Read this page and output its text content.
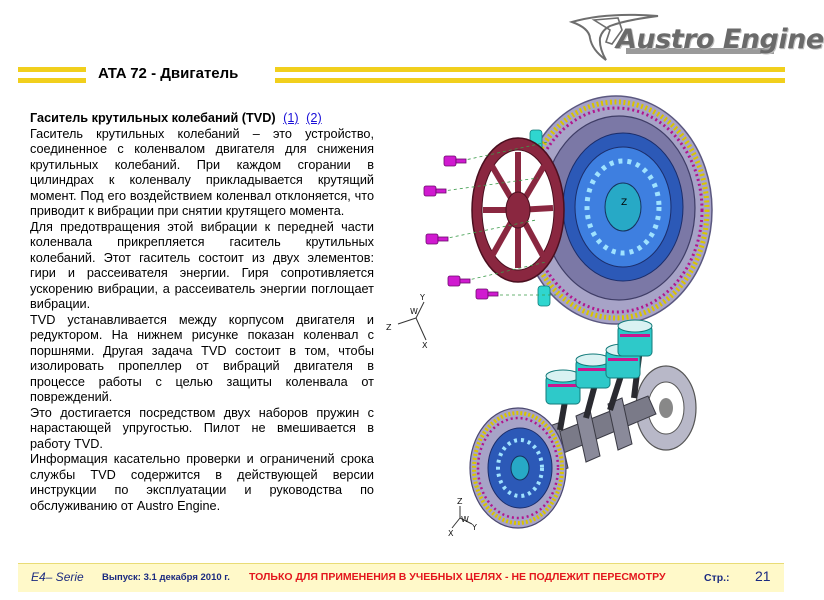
Austro Engine
ATA 72 - Двигатель
Гаситель крутильных колебаний (TVD) (1) (2)
Гаситель крутильных колебаний – это устройство, соединенное с коленвалом двигателя для снижения крутильных колебаний. При каждом сгорании в цилиндрах к коленвалу прикладывается крутящий момент. Под его воздействием коленвал отклоняется, что приводит к вибрации при снятии крутящего момента.
Для предотвращения этой вибрации к передней части коленвала прикрепляется гаситель крутильных колебаний. Этот гаситель состоит из двух элементов: гири и рассеивателя энергии. Гиря сопротивляется ускорению вибрации, а рассеиватель энергии поглощает вибрации.
TVD устанавливается между корпусом двигателя и редуктором. На нижнем рисунке показан коленвал с поршнями. Другая задача TVD состоит в том, чтобы изолировать пропеллер от вибраций двигателя в процессе работы с целью защиты коленвала от повреждений.
Это достигается посредством двух наборов пружин с нарастающей упругостью. Пилот не вмешивается в работу TVD.
Информация касательно проверки и ограничений срока службы TVD содержится в действующей версии инструкции по эксплуатации и руководства по обслуживанию от Austro Engine.
Z
Y
W
Z
X
Z
W
X
Y
E4– Serie Выпуск: 3.1 декабря 2010 г. ТОЛЬКО ДЛЯ ПРИМЕНЕНИЯ В УЧЕБНЫХ ЦЕЛЯХ - НЕ ПОДЛЕЖИТ ПЕРЕСМОТРУ	Стр.: 21
